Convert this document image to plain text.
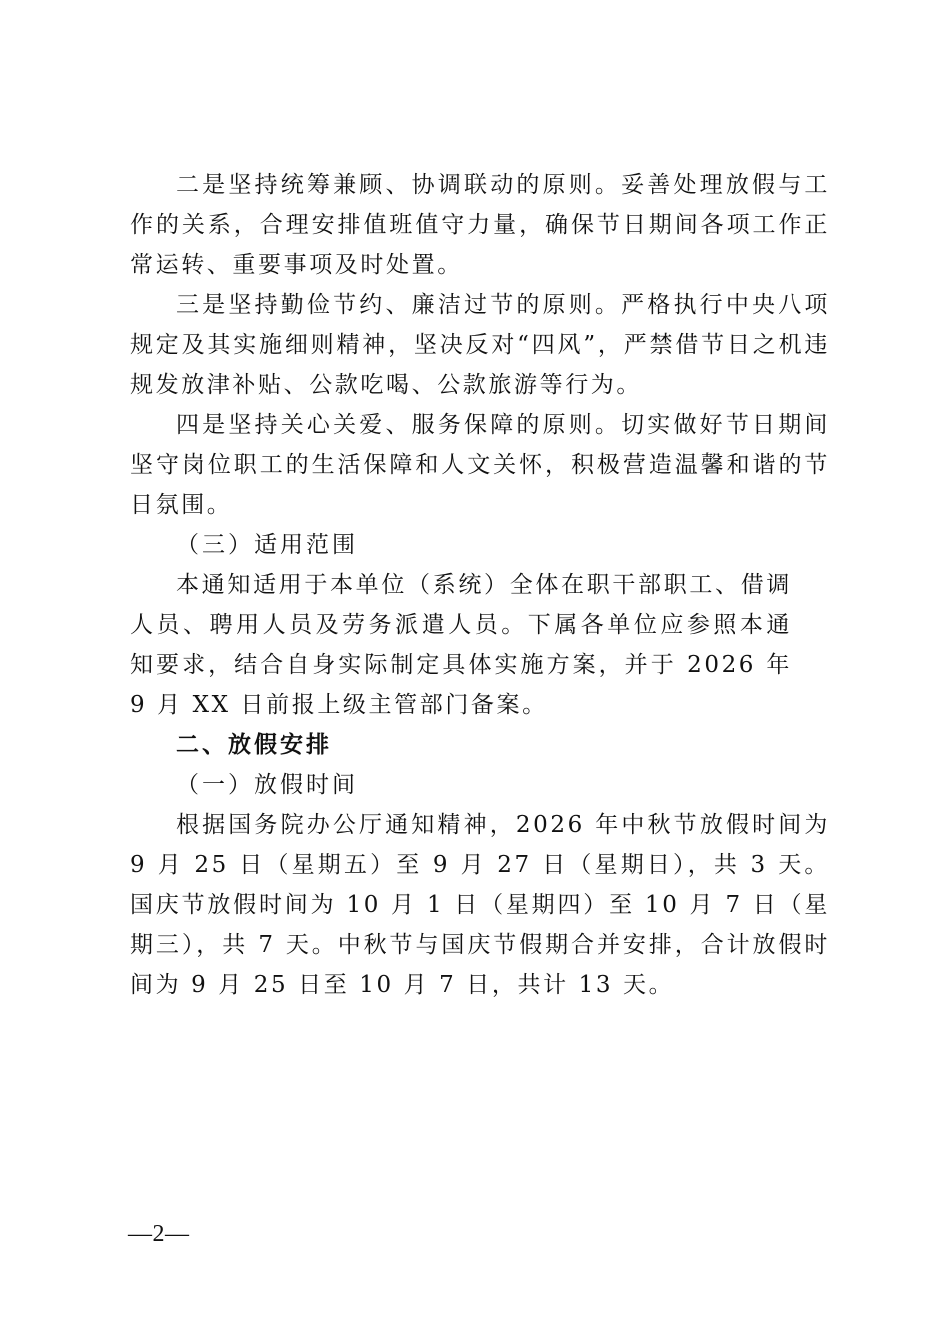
二是坚持统筹兼顾、协调联动的原则。妥善处理放假与工作的关系，合理安排值班值守力量，确保节日期间各项工作正常运转、重要事项及时处置。

三是坚持勤俭节约、廉洁过节的原则。严格执行中央八项规定及其实施细则精神，坚决反对“四风”，严禁借节日之机违规发放津补贴、公款吃喝、公款旅游等行为。

四是坚持关心关爱、服务保障的原则。切实做好节日期间坚守岗位职工的生活保障和人文关怀，积极营造温馨和谐的节日氛围。

（三）适用范围

本通知适用于本单位（系统）全体在职干部职工、借调人员、聘用人员及劳务派遣人员。下属各单位应参照本通知要求，结合自身实际制定具体实施方案，并于 2026 年 9 月 XX 日前报上级主管部门备案。

二、放假安排

（一）放假时间

根据国务院办公厅通知精神，2026 年中秋节放假时间为 9 月 25 日（星期五）至 9 月 27 日（星期日），共 3 天。国庆节放假时间为 10 月 1 日（星期四）至 10 月 7 日（星期三），共 7 天。中秋节与国庆节假期合并安排，合计放假时间为 9 月 25 日至 10 月 7 日，共计 13 天。

—2—
